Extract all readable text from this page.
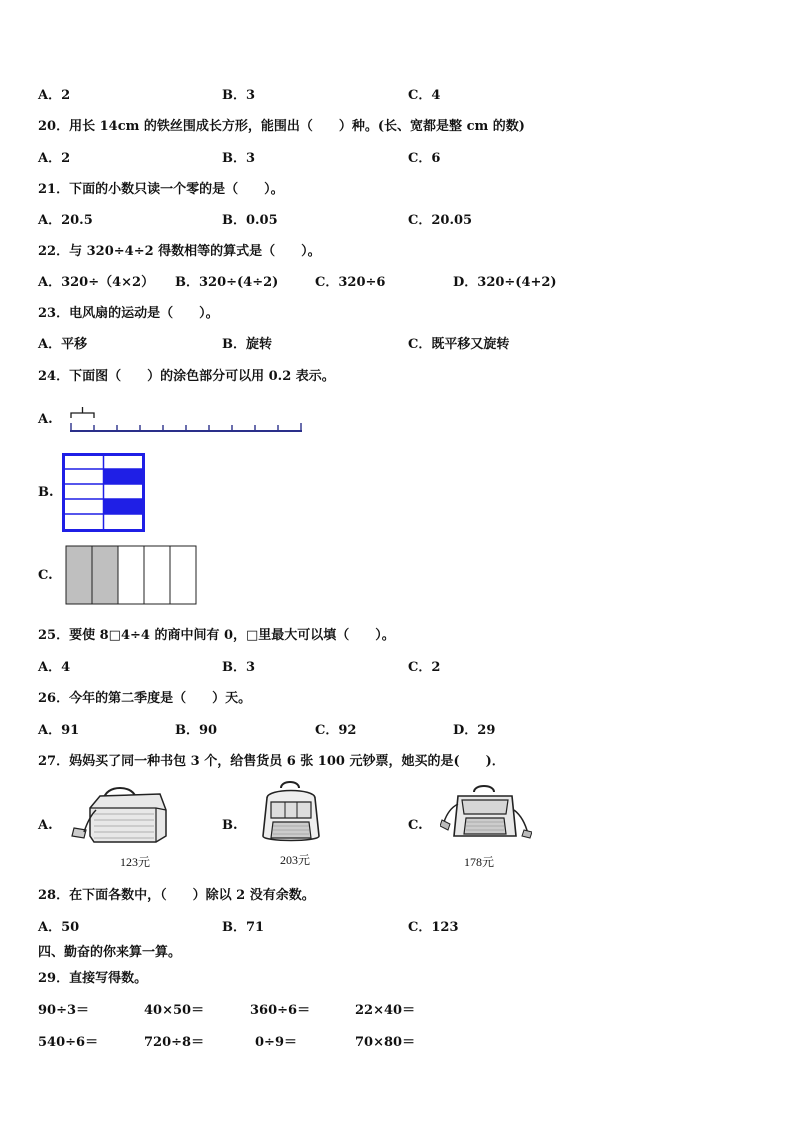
A．2	B．3	C．4
20．用长 14cm 的铁丝围成长方形，能围出（　　）种。(长、宽都是整 cm 的数)
A．2	B．3	C．6
21．下面的小数只读一个零的是（　　）。
A．20.5	B．0.05	C．20.05
22．与 320÷4÷2 得数相等的算式是（　　）。
A．320÷（4×2） B．320÷(4÷2)	C．320÷6	D．320÷(4+2)
23．电风扇的运动是（　　）。
A．平移	B．旋转	C．既平移又旋转
24．下面图（　　）的涂色部分可以用 0.2 表示。
A.
B.
C.
25．要使 8□4÷4 的商中间有 0，□里最大可以填（　　）。
A．4	B．3	C．2
26．今年的第二季度是（　　）天。
A．91	B．90	C．92	D．29
27．妈妈买了同一种书包 3 个，给售货员 6 张 100 元钞票，她买的是(　　)．
A.
123元
B.
203元
C.
178元
28．在下面各数中，（　　）除以 2 没有余数。
A．50	B．71	C．123
四、勤奋的你来算一算。
29．直接写得数。
90÷3＝	40×50＝	360÷6＝	22×40＝
540÷6＝	720÷8＝	0÷9＝	70×80＝
